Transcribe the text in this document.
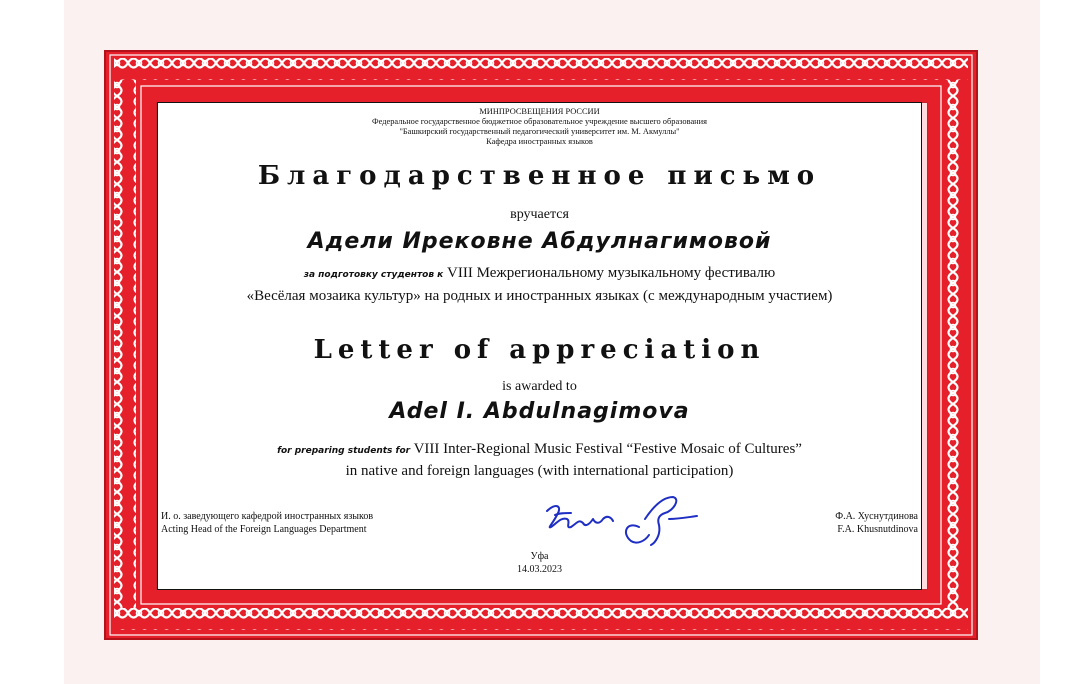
МИНПРОСВЕЩЕНИЯ РОССИИ
Федеральное государственное бюджетное образовательное учреждение высшего образования
"Башкирский государственный педагогический университет им. М. Акмуллы"
Кафедра иностранных языков
Благодарственное письмо
вручается
Адели Ирековне Абдулнагимовой
за подготовку студентов к VIII Межрегиональному музыкальному фестивалю
«Весёлая мозаика культур» на родных и иностранных языках (с международным участием)
Letter of appreciation
is awarded to
Adel I. Abdulnagimova
for preparing students for VIII Inter-Regional Music Festival “Festive Mosaic of Cultures”
in native and foreign languages (with international participation)
И. о. заведующего кафедрой иностранных языков
Acting Head of the Foreign Languages Department
Ф.А. Хуснутдинова
F.A. Khusnutdinova
Уфа
14.03.2023
